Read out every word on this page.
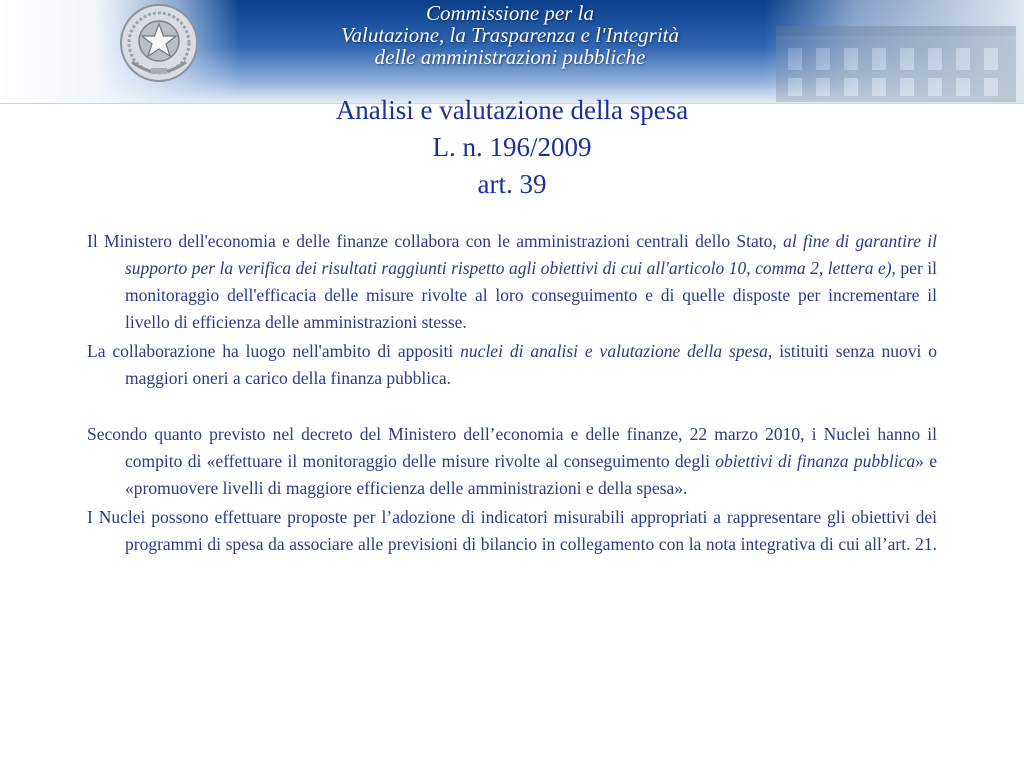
Commissione per la
Valutazione, la Trasparenza e l'Integrità
delle amministrazioni pubbliche
Analisi e valutazione della spesa
L. n. 196/2009
art. 39

Il Ministero dell'economia e delle finanze collabora con le amministrazioni centrali dello Stato, al fine di garantire il supporto per la verifica dei risultati raggiunti rispetto agli obiettivi di cui all'articolo 10, comma 2, lettera e), per il monitoraggio dell'efficacia delle misure rivolte al loro conseguimento e di quelle disposte per incrementare il livello di efficienza delle amministrazioni stesse.

La collaborazione ha luogo nell'ambito di appositi nuclei di analisi e valutazione della spesa, istituiti senza nuovi o maggiori oneri a carico della finanza pubblica.

Secondo quanto previsto nel decreto del Ministero dell’economia e delle finanze, 22 marzo 2010, i Nuclei hanno il compito di «effettuare il monitoraggio delle misure rivolte al conseguimento degli obiettivi di finanza pubblica» e «promuovere livelli di maggiore efficienza delle amministrazioni e della spesa».

I Nuclei possono effettuare proposte per l’adozione di indicatori misurabili appropriati a rappresentare gli obiettivi dei programmi di spesa da associare alle previsioni di bilancio in collegamento con la nota integrativa di cui all’art. 21.
